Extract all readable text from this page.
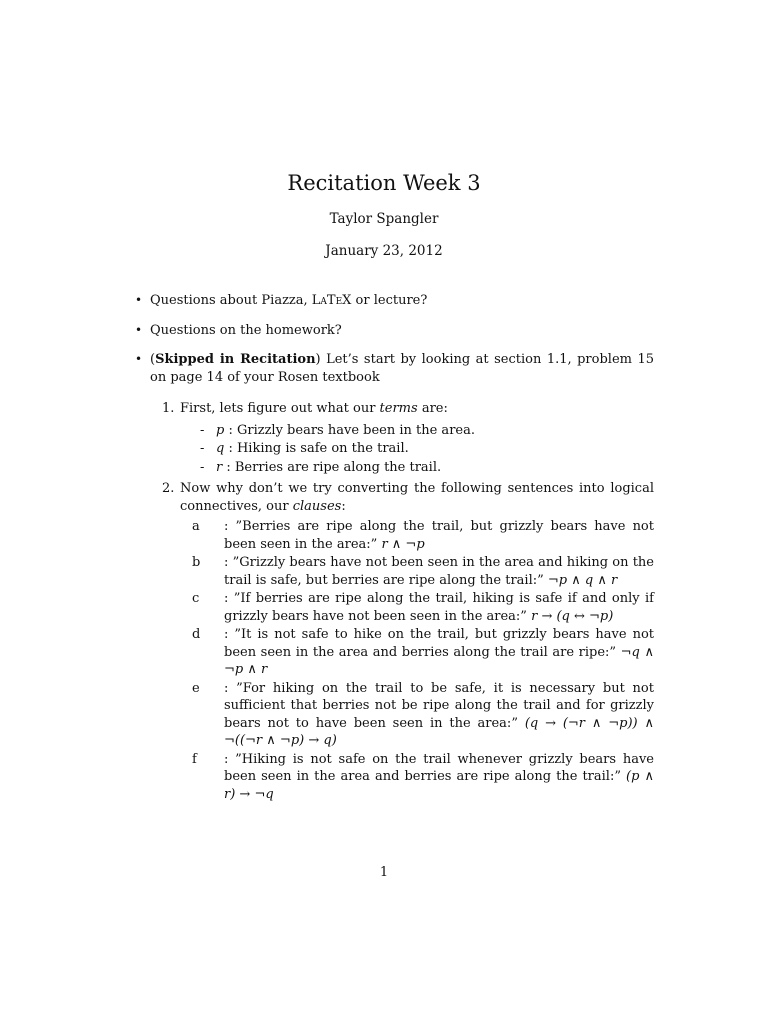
Recitation Week 3
Taylor Spangler
January 23, 2012
• Questions about Piazza, LaTeX or lecture?
• Questions on the homework?
• (Skipped in Recitation) Let’s start by looking at section 1.1, problem 15 on page 14 of your Rosen textbook
1. First, lets figure out what our terms are:
- p : Grizzly bears have been in the area.
- q : Hiking is safe on the trail.
- r : Berries are ripe along the trail.
2. Now why don’t we try converting the following sentences into logical connectives, our clauses:
a : ”Berries are ripe along the trail, but grizzly bears have not been seen in the area:” r ∧ ¬p
b : ”Grizzly bears have not been seen in the area and hiking on the trail is safe, but berries are ripe along the trail:” ¬p ∧ q ∧ r
c : ”If berries are ripe along the trail, hiking is safe if and only if grizzly bears have not been seen in the area:” r → (q ↔ ¬p)
d : ”It is not safe to hike on the trail, but grizzly bears have not been seen in the area and berries along the trail are ripe:” ¬q ∧ ¬p ∧ r
e : ”For hiking on the trail to be safe, it is necessary but not sufficient that berries not be ripe along the trail and for grizzly bears not to have been seen in the area:” (q → (¬r ∧ ¬p)) ∧ ¬((¬r ∧ ¬p) → q)
f : ”Hiking is not safe on the trail whenever grizzly bears have been seen in the area and berries are ripe along the trail:” (p ∧ r) → ¬q
1
